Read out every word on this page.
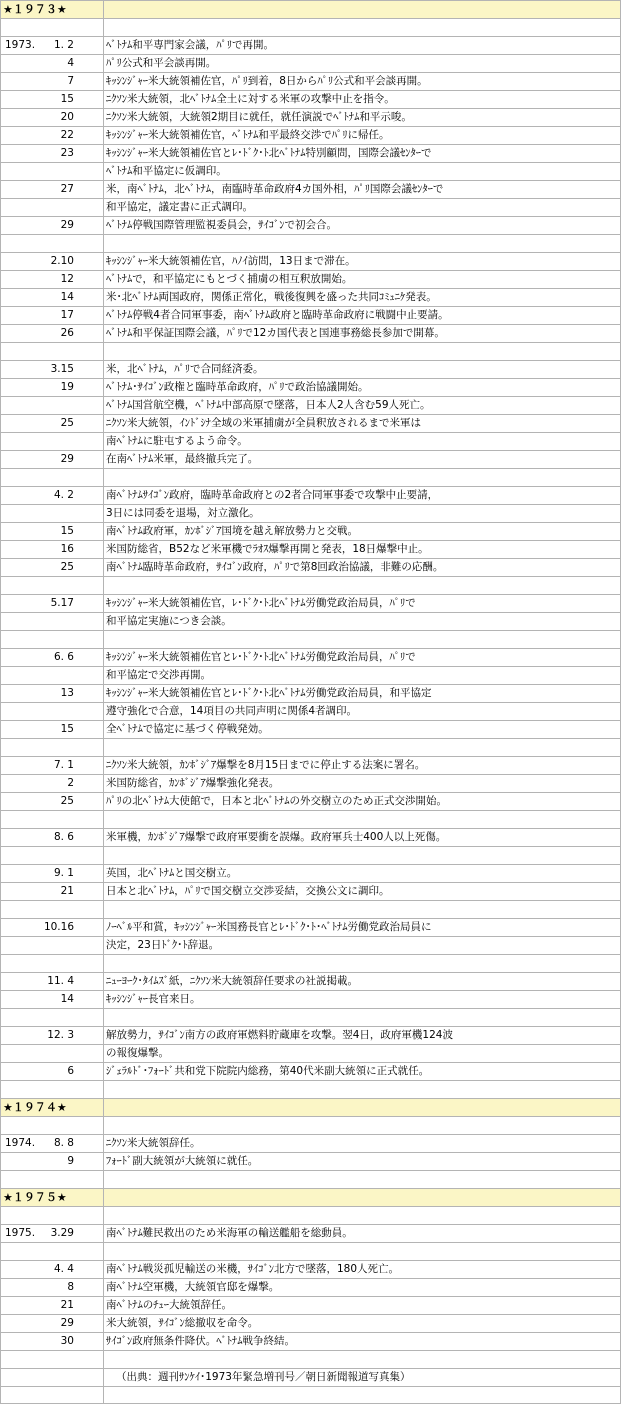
★１９７３★
1973. 1. 2	ﾍﾞﾄﾅﾑ和平専門家会議，ﾊﾟﾘで再開。
4	ﾊﾟﾘ公式和平会談再開。
7	ｷｯｼﾝｼﾞｬｰ米大統領補佐官，ﾊﾟﾘ到着，8日からﾊﾟﾘ公式和平会談再開。
15	ﾆｸｿﾝ米大統領，北ﾍﾞﾄﾅﾑ全土に対する米軍の攻撃中止を指令。
20	ﾆｸｿﾝ米大統領，大統領2期目に就任，就任演説でﾍﾞﾄﾅﾑ和平示唆。
22	ｷｯｼﾝｼﾞｬｰ米大統領補佐官，ﾍﾞﾄﾅﾑ和平最終交渉でﾊﾟﾘに帰任。
23	ｷｯｼﾝｼﾞｬｰ米大統領補佐官とﾚ･ﾄﾞｸ･ﾄ北ﾍﾞﾄﾅﾑ特別顧問，国際会議ｾﾝﾀｰで
ﾍﾞﾄﾅﾑ和平協定に仮調印。
27	米，南ﾍﾞﾄﾅﾑ，北ﾍﾞﾄﾅﾑ，南臨時革命政府4カ国外相，ﾊﾟﾘ国際会議ｾﾝﾀｰで
和平協定，議定書に正式調印。
29	ﾍﾞﾄﾅﾑ停戦国際管理監視委員会，ｻｲｺﾞﾝで初会合。
2.10	ｷｯｼﾝｼﾞｬｰ米大統領補佐官，ﾊﾉｲ訪問，13日まで滞在。
12	ﾍﾞﾄﾅﾑで，和平協定にもとづく捕虜の相互釈放開始。
14	米･北ﾍﾞﾄﾅﾑ両国政府，関係正常化，戦後復興を盛った共同ｺﾐｭﾆｹ発表。
17	ﾍﾞﾄﾅﾑ停戦4者合同軍事委，南ﾍﾞﾄﾅﾑ政府と臨時革命政府に戦闘中止要請。
26	ﾍﾞﾄﾅﾑ和平保証国際会議，ﾊﾟﾘで12カ国代表と国連事務総長参加で開幕。
3.15	米，北ﾍﾞﾄﾅﾑ，ﾊﾟﾘで合同経済委。
19	ﾍﾞﾄﾅﾑ･ｻｲｺﾞﾝ政権と臨時革命政府，ﾊﾟﾘで政治協議開始。
ﾍﾞﾄﾅﾑ国営航空機，ﾍﾞﾄﾅﾑ中部高原で墜落，日本人2人含む59人死亡。
25	ﾆｸｿﾝ米大統領，ｲﾝﾄﾞｼﾅ全域の米軍捕虜が全員釈放されるまで米軍は
南ﾍﾞﾄﾅﾑに駐屯するよう命令。
29	在南ﾍﾞﾄﾅﾑ米軍，最終撤兵完了。
4. 2	南ﾍﾞﾄﾅﾑｻｲｺﾞﾝ政府，臨時革命政府との2者合同軍事委で攻撃中止要請，
3日には同委を退場，対立激化。
15	南ﾍﾞﾄﾅﾑ政府軍，ｶﾝﾎﾞｼﾞｱ国境を越え解放勢力と交戦。
16	米国防総省，B52など米軍機でﾗｵｽ爆撃再開と発表，18日爆撃中止。
25	南ﾍﾞﾄﾅﾑ臨時革命政府，ｻｲｺﾞﾝ政府，ﾊﾟﾘで第8回政治協議，非難の応酬。
5.17	ｷｯｼﾝｼﾞｬｰ米大統領補佐官，ﾚ･ﾄﾞｸ･ﾄ北ﾍﾞﾄﾅﾑ労働党政治局員，ﾊﾟﾘで
和平協定実施につき会談。
6. 6	ｷｯｼﾝｼﾞｬｰ米大統領補佐官とﾚ･ﾄﾞｸ･ﾄ北ﾍﾞﾄﾅﾑ労働党政治局員，ﾊﾟﾘで
和平協定で交渉再開。
13	ｷｯｼﾝｼﾞｬｰ米大統領補佐官とﾚ･ﾄﾞｸ･ﾄ北ﾍﾞﾄﾅﾑ労働党政治局員，和平協定
遵守強化で合意，14項目の共同声明に関係4者調印。
15	全ﾍﾞﾄﾅﾑで協定に基づく停戦発効。
7. 1	ﾆｸｿﾝ米大統領，ｶﾝﾎﾞｼﾞｱ爆撃を8月15日までに停止する法案に署名。
2	米国防総省，ｶﾝﾎﾞｼﾞｱ爆撃強化発表。
25	ﾊﾟﾘの北ﾍﾞﾄﾅﾑ大使館で，日本と北ﾍﾞﾄﾅﾑの外交樹立のため正式交渉開始。
8. 6	米軍機，ｶﾝﾎﾞｼﾞｱ爆撃で政府軍要衝を誤爆。政府軍兵士400人以上死傷。
9. 1	英国，北ﾍﾞﾄﾅﾑと国交樹立。
21	日本と北ﾍﾞﾄﾅﾑ，ﾊﾟﾘで国交樹立交渉妥結，交換公文に調印。
10.16	ﾉｰﾍﾞﾙ平和賞，ｷｯｼﾝｼﾞｬｰ米国務長官とﾚ･ﾄﾞｸ･ﾄ･ﾍﾞﾄﾅﾑ労働党政治局員に
決定，23日ﾄﾞｸ･ﾄ辞退。
11. 4	ﾆｭｰﾖｰｸ･ﾀｲﾑｽﾞ紙，ﾆｸｿﾝ米大統領辞任要求の社説掲載。
14	ｷｯｼﾝｼﾞｬｰ長官来日。
12. 3	解放勢力，ｻｲｺﾞﾝ南方の政府軍燃料貯蔵庫を攻撃。翌4日，政府軍機124波
の報復爆撃。
6	ｼﾞｪﾗﾙﾄﾞ･ﾌｫｰﾄﾞ共和党下院院内総務，第40代米副大統領に正式就任。
★１９７４★
1974. 8. 8	ﾆｸｿﾝ米大統領辞任。
9	ﾌｫｰﾄﾞ副大統領が大統領に就任。
★１９７５★
1975. 3.29	南ﾍﾞﾄﾅﾑ難民救出のため米海軍の輸送艦船を総動員。
4. 4	南ﾍﾞﾄﾅﾑ戦災孤児輸送の米機，ｻｲｺﾞﾝ北方で墜落，180人死亡。
8	南ﾍﾞﾄﾅﾑ空軍機，大統領官邸を爆撃。
21	南ﾍﾞﾄﾅﾑのﾁｭｰ大統領辞任。
29	米大統領，ｻｲｺﾞﾝ総撤収を命令。
30	ｻｲｺﾞﾝ政府無条件降伏。ﾍﾞﾄﾅﾑ戦争終結。
（出典：週刊ｻﾝｹｲ･1973年緊急増刊号／朝日新聞報道写真集）
